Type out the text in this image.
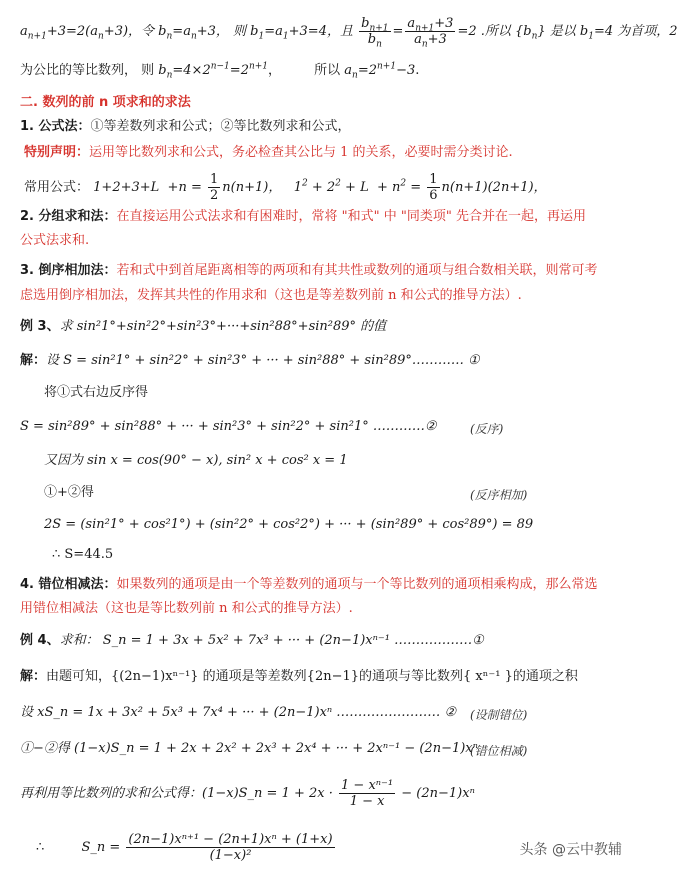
$a_{n+1}+3=2(a_n+3)$，令 $b_n=a_n+3$， 则 $b_1=a_1+3=4$，且 $\frac{b_{n+1}}{b_n} = \frac{a_{n+1}+3}{a_n+3} =2$ .所以 $\{b_n\}$ 是以 $b_1=4$ 为首项，2
为公比的等比数列， 则 $b_n=4\times 2^{n-1}=2^{n+1}$，        所以 $a_n=2^{n+1}-3$.
二. 数列的前 n 项求和的求法
1. 公式法：①等差数列求和公式；②等比数列求和公式，
特别声明：运用等比数列求和公式，务必检查其公比与 1 的关系，必要时需分类讨论.
常用公式： $1+2+3+L +n = \frac{1}{2} n(n+1)$，   $1^2 + 2^2 + L + n^2 = \frac{1}{6} n(n+1)(2n+1)$，
2. 分组求和法：在直接运用公式法求和有困难时，常将 "和式" 中 "同类项" 先合并在一起，再运用
公式法求和.
3. 倒序相加法：若和式中到首尾距离相等的两项和有其共性或数列的通项与组合数相关联，则常可考
虑选用倒序相加法，发挥其共性的作用求和（这也是等差数列前 n 和公式的推导方法）.
例 3、求 sin²1°+sin²2°+sin²3°+···+sin²88°+sin²89° 的值
解：设 S = sin²1° + sin²2° + sin²3° + ··· + sin²88° + sin²89°………… ①
将①式右边反序得
S = sin²89° + sin²88° + ··· + sin²3° + sin²2° + sin²1° …………②	(反序)
又因为 sin x = cos(90° − x), sin² x + cos² x = 1
①+②得	(反序相加)
2S = (sin²1° + cos²1°) + (sin²2° + cos²2°) + ··· + (sin²89° + cos²89°) = 89
∴ S=44.5
4. 错位相减法：如果数列的通项是由一个等差数列的通项与一个等比数列的通项相乘构成，那么常选
用错位相减法（这也是等比数列前 n 和公式的推导方法）.
例 4、求和： S_n = 1 + 3x + 5x² + 7x³ + ··· + (2n−1)xⁿ⁻¹ ………………①
解：由题可知，{(2n−1)xⁿ⁻¹} 的通项是等差数列{2n−1}的通项与等比数列{ xⁿ⁻¹ }的通项之积
设 xS_n = 1x + 3x² + 5x³ + 7x⁴ + ··· + (2n−1)xⁿ …………………… ② (设制错位)
①−②得 (1−x)S_n = 1 + 2x + 2x² + 2x³ + 2x⁴ + ··· + 2xⁿ⁻¹ − (2n−1)xⁿ
(错位相减)
再利用等比数列的求和公式得：(1−x)S_n = $1 + 2x \cdot \frac{\text{1 − xⁿ⁻¹}}{1 - x} - (2n-1)x^n$
∴	S_n = $\frac{\text{(2n−1)xⁿ⁺¹ − (2n+1)xⁿ + (1+x)}}{\text{(1−x)²}}$	头条 @云中教辅
